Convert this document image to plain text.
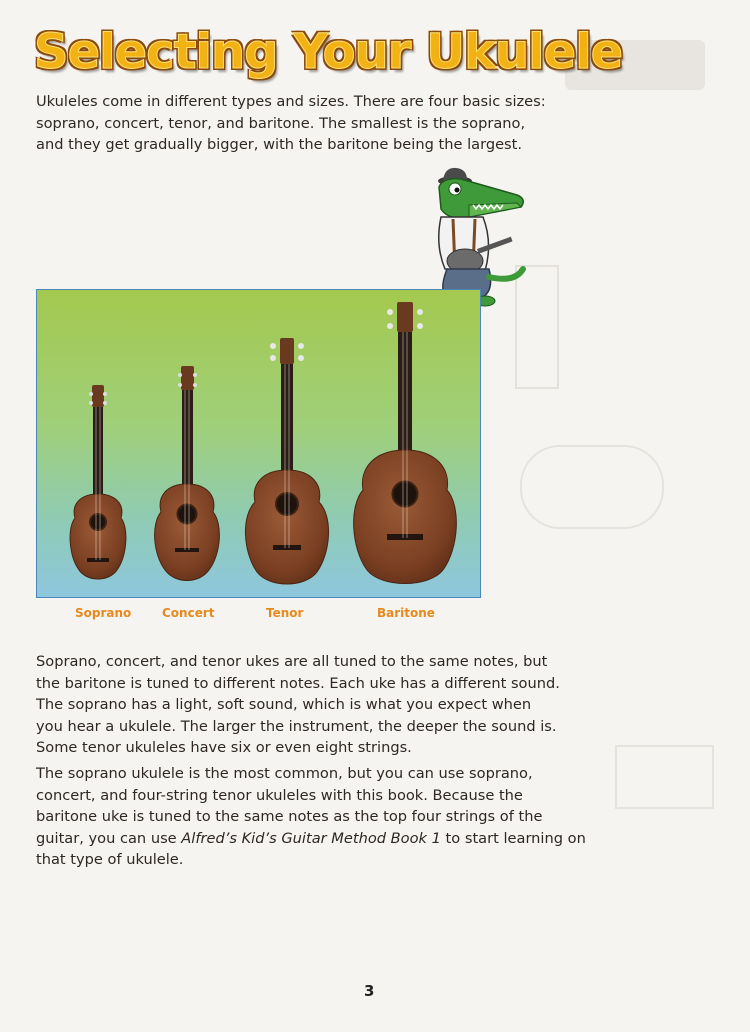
Selecting Your Ukulele
Ukuleles come in different types and sizes. There are four basic sizes:
soprano, concert, tenor, and baritone. The smallest is the soprano,
and they get gradually bigger, with the baritone being the largest.
Soprano	Concert	Tenor	Baritone
Soprano, concert, and tenor ukes are all tuned to the same notes, but
the baritone is tuned to different notes. Each uke has a different sound.
The soprano has a light, soft sound, which is what you expect when
you hear a ukulele. The larger the instrument, the deeper the sound is.
Some tenor ukuleles have six or even eight strings.
The soprano ukulele is the most common, but you can use soprano,
concert, and four-string tenor ukuleles with this book. Because the
baritone uke is tuned to the same notes as the top four strings of the
guitar, you can use Alfred’s Kid’s Guitar Method Book 1 to start learning on
that type of ukulele.
3
